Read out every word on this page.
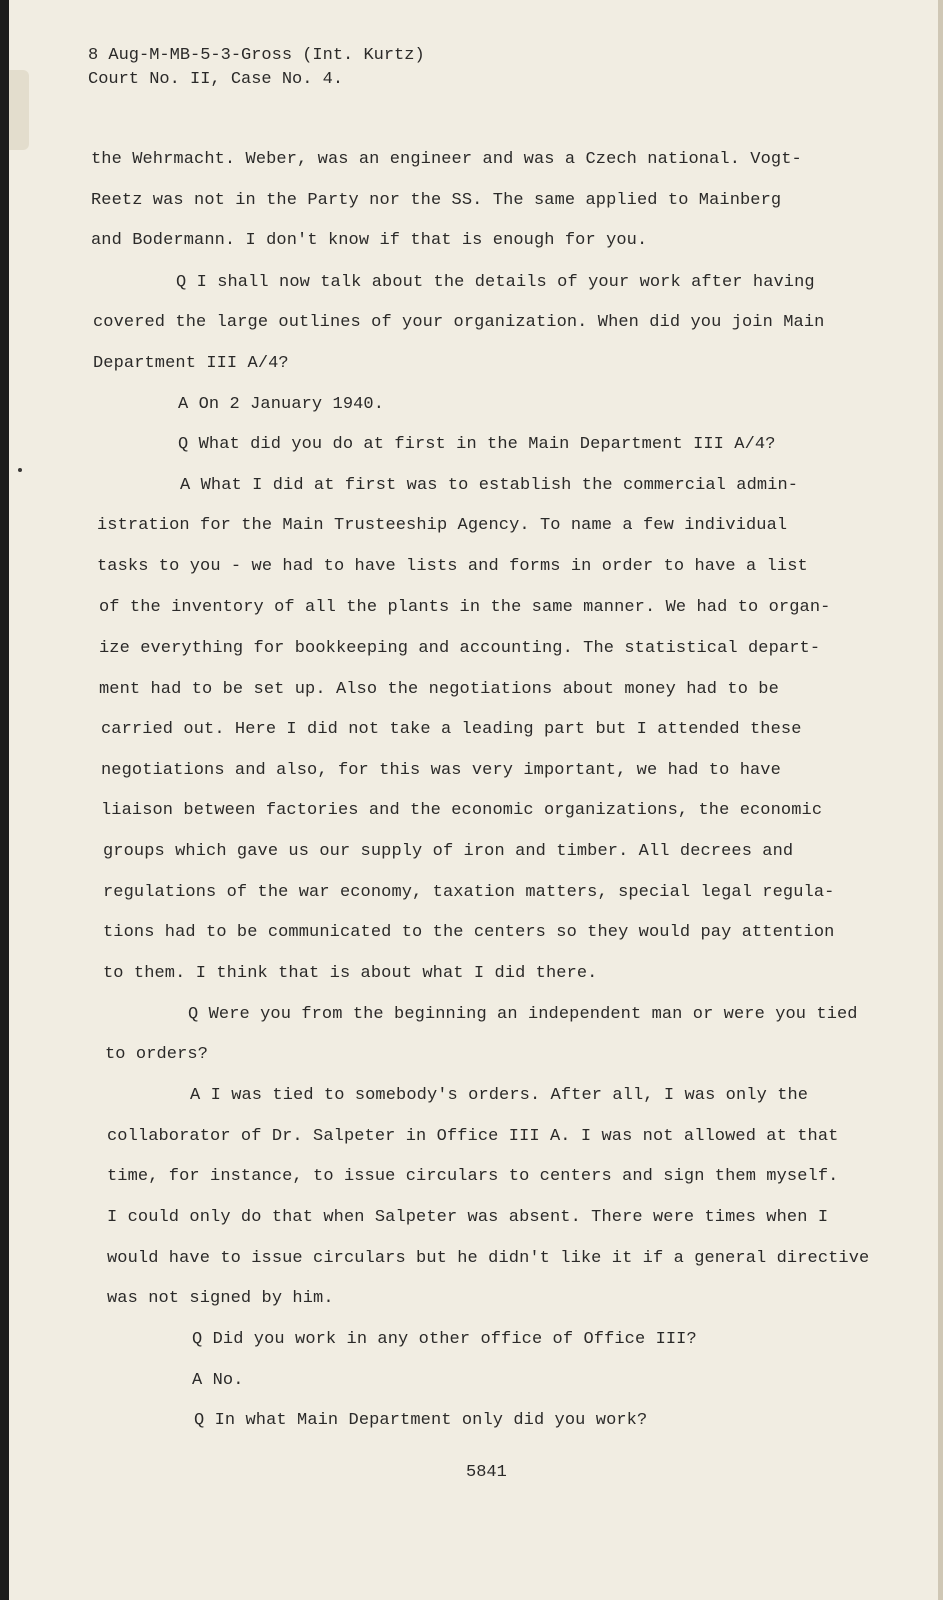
8 Aug-M-MB-5-3-Gross (Int. Kurtz)
Court No. II, Case No. 4.
the Wehrmacht. Weber, was an engineer and was a Czech national. Vogt-
Reetz was not in the Party nor the SS. The same applied to Mainberg
and Bodermann. I don't know if that is enough for you.
Q I shall now talk about the details of your work after having
covered the large outlines of your organization. When did you join Main
Department III A/4?
A On 2 January 1940.
Q What did you do at first in the Main Department III A/4?
A What I did at first was to establish the commercial admin-
istration for the Main Trusteeship Agency. To name a few individual
tasks to you - we had to have lists and forms in order to have a list
of the inventory of all the plants in the same manner. We had to organ-
ize everything for bookkeeping and accounting. The statistical depart-
ment had to be set up. Also the negotiations about money had to be
carried out. Here I did not take a leading part but I attended these
negotiations and also, for this was very important, we had to have
liaison between factories and the economic organizations, the economic
groups which gave us our supply of iron and timber. All decrees and
regulations of the war economy, taxation matters, special legal regula-
tions had to be communicated to the centers so they would pay attention
to them. I think that is about what I did there.
Q Were you from the beginning an independent man or were you tied
to orders?
A I was tied to somebody's orders. After all, I was only the
collaborator of Dr. Salpeter in Office III A. I was not allowed at that
time, for instance, to issue circulars to centers and sign them myself.
I could only do that when Salpeter was absent. There were times when I
would have to issue circulars but he didn't like it if a general directive
was not signed by him.
Q Did you work in any other office of Office III?
A No.
Q In what Main Department only did you work?
5841
